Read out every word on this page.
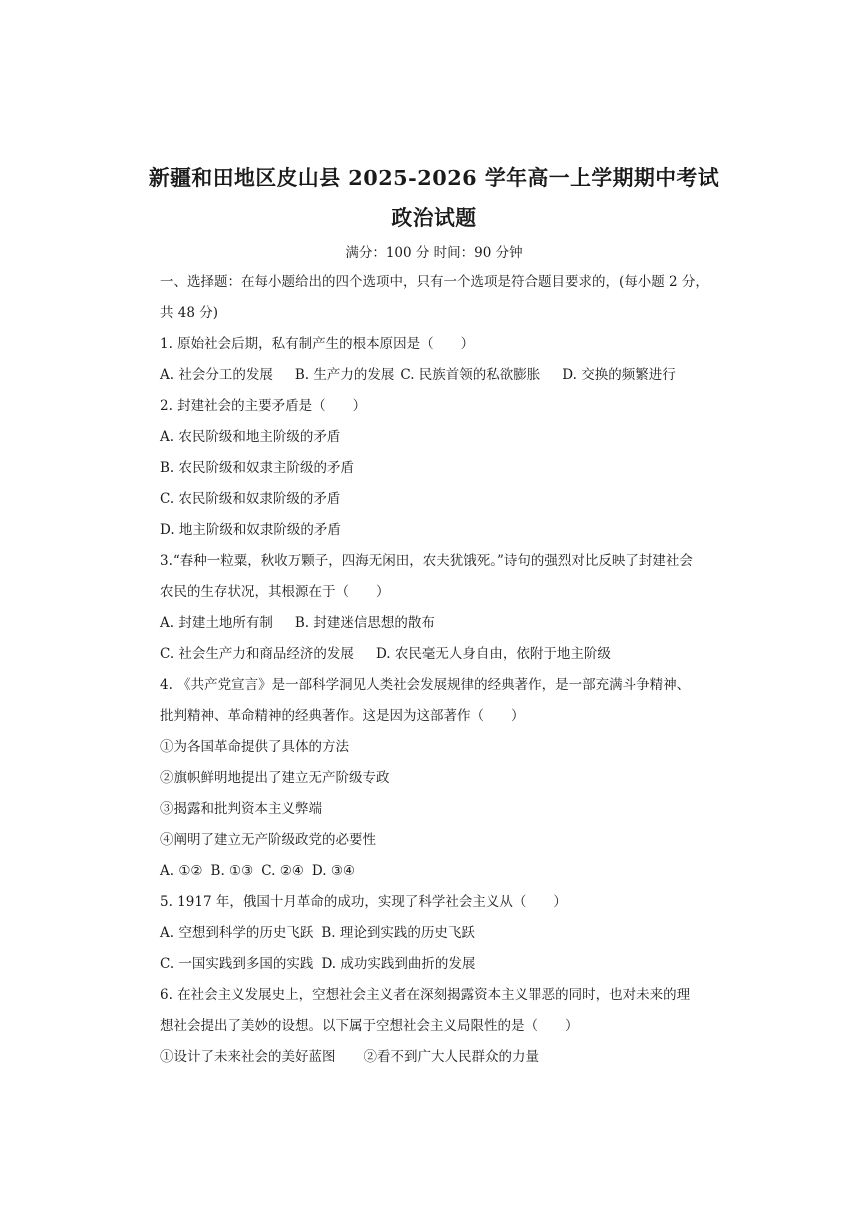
新疆和田地区皮山县 2025-2026 学年高一上学期期中考试
政治试题
满分：100 分 时间：90 分钟
一、选择题：在每小题给出的四个选项中，只有一个选项是符合题目要求的，(每小题 2 分，
共 48 分)
1. 原始社会后期，私有制产生的根本原因是（　　）
A. 社会分工的发展 B. 生产力的发展 C. 民族首领的私欲膨胀 D. 交换的频繁进行
2. 封建社会的主要矛盾是（　　）
A. 农民阶级和地主阶级的矛盾
B. 农民阶级和奴隶主阶级的矛盾
C. 农民阶级和奴隶阶级的矛盾
D. 地主阶级和奴隶阶级的矛盾
3.“春种一粒粟，秋收万颗子，四海无闲田，农夫犹饿死。”诗句的强烈对比反映了封建社会
农民的生存状况，其根源在于（　　）
A. 封建土地所有制 B. 封建迷信思想的散布
C. 社会生产力和商品经济的发展 D. 农民毫无人身自由，依附于地主阶级
4. 《共产党宣言》是一部科学洞见人类社会发展规律的经典著作，是一部充满斗争精神、
批判精神、革命精神的经典著作。这是因为这部著作（　　）
①为各国革命提供了具体的方法
②旗帜鲜明地提出了建立无产阶级专政
③揭露和批判资本主义弊端
④阐明了建立无产阶级政党的必要性
A. ①② B. ①③ C. ②④ D. ③④
5. 1917 年，俄国十月革命的成功，实现了科学社会主义从（　　）
A. 空想到科学的历史飞跃 B. 理论到实践的历史飞跃
C. 一国实践到多国的实践 D. 成功实践到曲折的发展
6. 在社会主义发展史上，空想社会主义者在深刻揭露资本主义罪恶的同时，也对未来的理
想社会提出了美妙的设想。以下属于空想社会主义局限性的是（　　）
①设计了未来社会的美好蓝图 ②看不到广大人民群众的力量
